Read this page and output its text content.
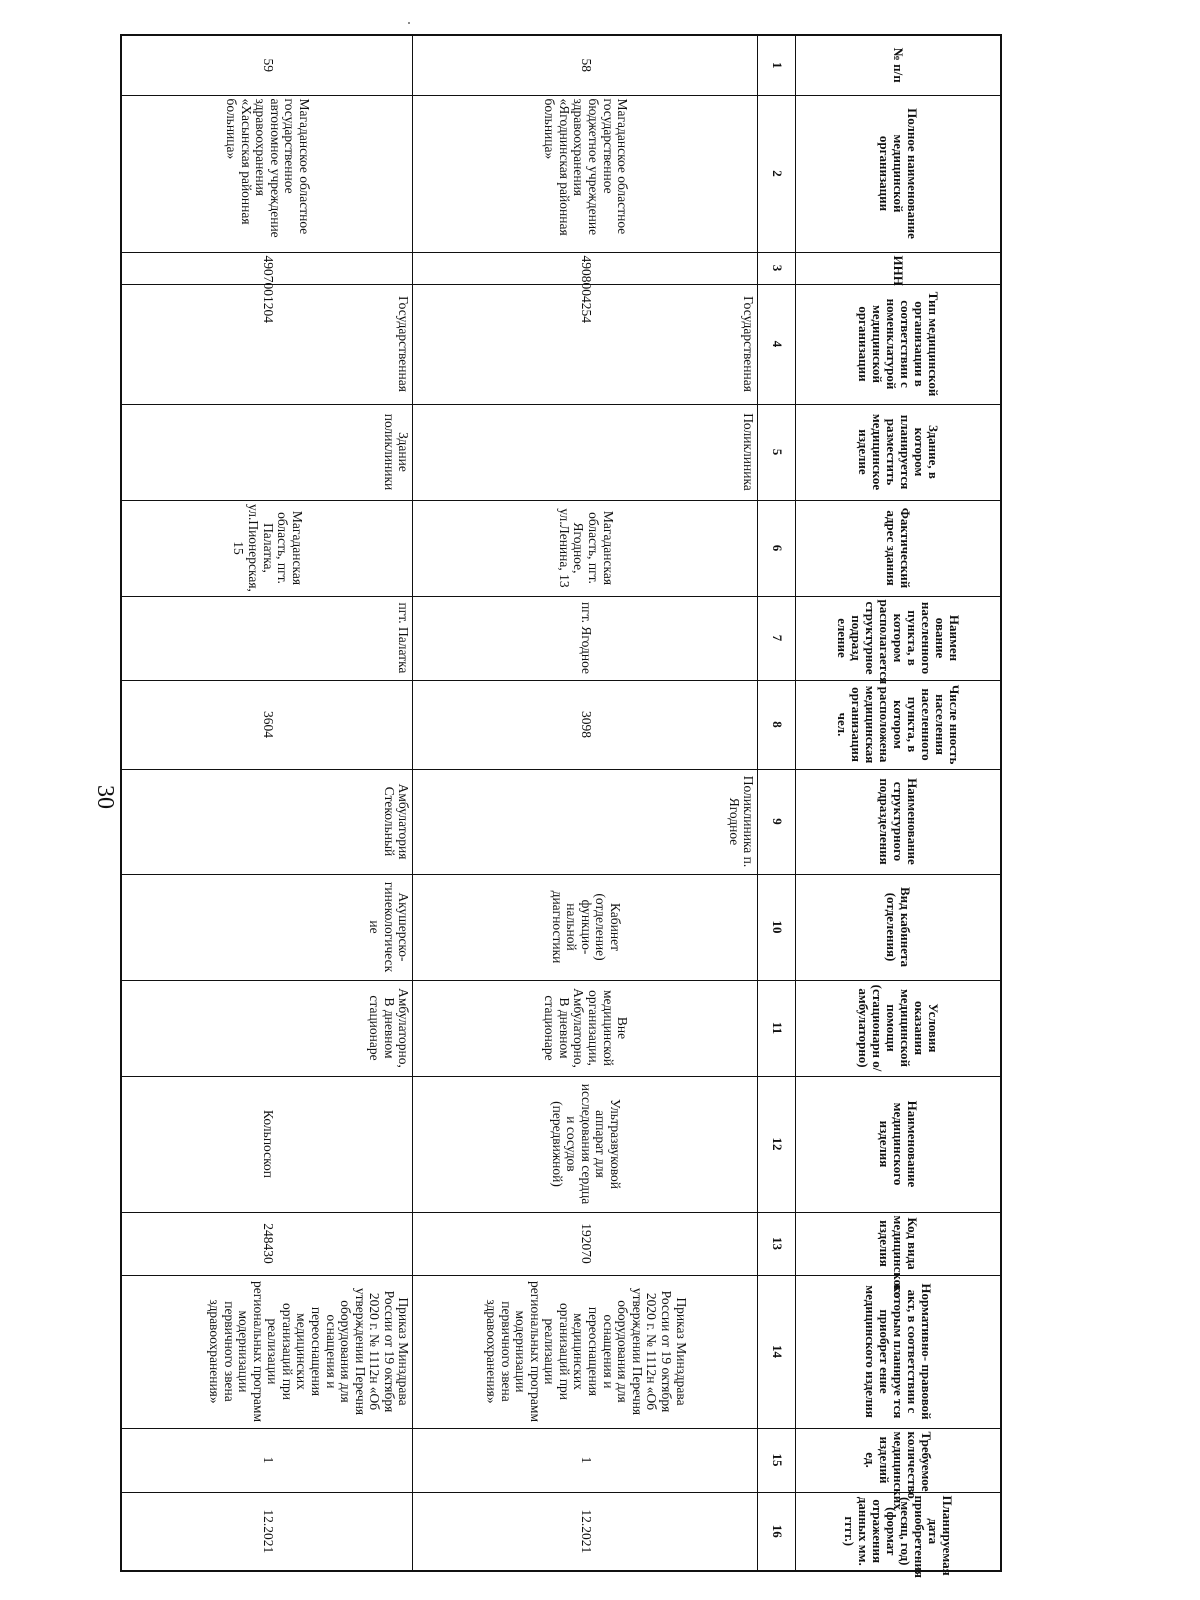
30
№ п/п	Полное наименование медицинской организации	ИНН	Тип медицинской организации в соответствии с номенклатурой медицинской организации	Здание, в котором планируется разместить медицинское изделие	Фактический адрес здания	Наимен ование населенного пункта, в котором располагается структурное подразд еление	Числе нность населения населенного пункта, в котором расположена медицинская организация чел.	Наименование структурного подразделения	Вид кабинета (отделения)	Условия оказания медицинской помощи (стационарн о/амбулаторно)	Наименование медицинского изделия	Код вида медицинского изделия	Нормативно- правовой акт, в соответствии с которым планируе тся приобрет ение медицинского изделия	Требуемое количество медицинских изделий ед.	Планируемая дата приобретения (месяц, год) (формат отражения данных мм. гггг.)
1	2	3	4	5	6	7	8	9	10	11	12	13	14	15	16
58	Магаданское областное государственное бюджетное учреждение здравоохранения «Ягоднинская районная больница»	4908004254	Государственная	Поликлиника	Магаданская область, пгт. Ягодное, ул.Ленина, 13	пгт. Ягодное	3098	Поликлиника п. Ягодное	Кабинет (отделение) функцио- нальной диагностики	Вне медицинской организации, Амбулаторно, В дневном стационаре	Ультразвуковой аппарат для исследования сердца и сосудов (передвижной)	192070	Приказ Минздрава России от 19 октября 2020 г. № 1112н «Об утверждении Перечня оборудования для оснащения и переоснащения медицинских организаций при реализации региональных программ модернизации первичного звена здравоохранения»	1	12.2021
59	Магаданское областное государственное автономное учреждение здравоохранения «Хасынская районная больница»	4907001204	Государственная	Здание поликлиники	Магаданская область, пгт. Палатка, ул.Пионерская, 15	пгт. Палатка	3604	Амбулатория Стекольный	Акушерско-гинекологическ ие	Амбулаторно, В дневном стационаре	Кольпоскоп	248430	Приказ Минздрава России от 19 октября 2020 г. № 1112н «Об утверждении Перечня оборудования для оснащения и переоснащения медицинских организаций при реализации региональных программ модернизации первичного звена здравоохранения»	1	12.2021
